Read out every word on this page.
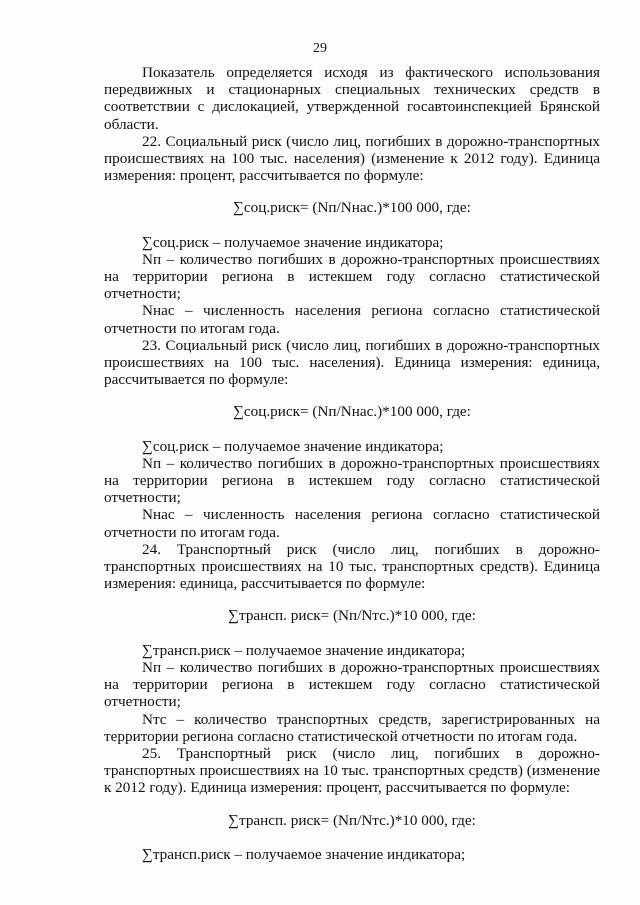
29

Показатель определяется исходя из фактического использования передвижных и стационарных специальных технических средств в соответствии с дислокацией, утвержденной госавтоинспекцией Брянской области.

22. Социальный риск (число лиц, погибших в дорожно-транспортных происшествиях на 100 тыс. населения) (изменение к 2012 году). Единица измерения: процент, рассчитывается по формуле:

∑соц.риск= (Nп/Nнас.)*100 000, где:

∑соц.риск – получаемое значение индикатора;

Nп – количество погибших в дорожно-транспортных происшествиях на территории региона в истекшем году согласно статистической отчетности;

Nнас – численность населения региона согласно статистической отчетности по итогам года.

23. Социальный риск (число лиц, погибших в дорожно-транспортных происшествиях на 100 тыс. населения). Единица измерения: единица, рассчитывается по формуле:

∑соц.риск= (Nп/Nнас.)*100 000, где:

∑соц.риск – получаемое значение индикатора;

Nп – количество погибших в дорожно-транспортных происшествиях на территории региона в истекшем году согласно статистической отчетности;

Nнас – численность населения региона согласно статистической отчетности по итогам года.

24. Транспортный риск (число лиц, погибших в дорожно-транспортных происшествиях на 10 тыс. транспортных средств). Единица измерения: единица, рассчитывается по формуле:

∑трансп. риск= (Nп/Nтс.)*10 000, где:

∑трансп.риск – получаемое значение индикатора;

Nп – количество погибших в дорожно-транспортных происшествиях на территории региона в истекшем году согласно статистической отчетности;

Nтс – количество транспортных средств, зарегистрированных на территории региона согласно статистической отчетности по итогам года.

25. Транспортный риск (число лиц, погибших в дорожно-транспортных происшествиях на 10 тыс. транспортных средств) (изменение к 2012 году). Единица измерения: процент, рассчитывается по формуле:

∑трансп. риск= (Nп/Nтс.)*10 000, где:

∑трансп.риск – получаемое значение индикатора;
